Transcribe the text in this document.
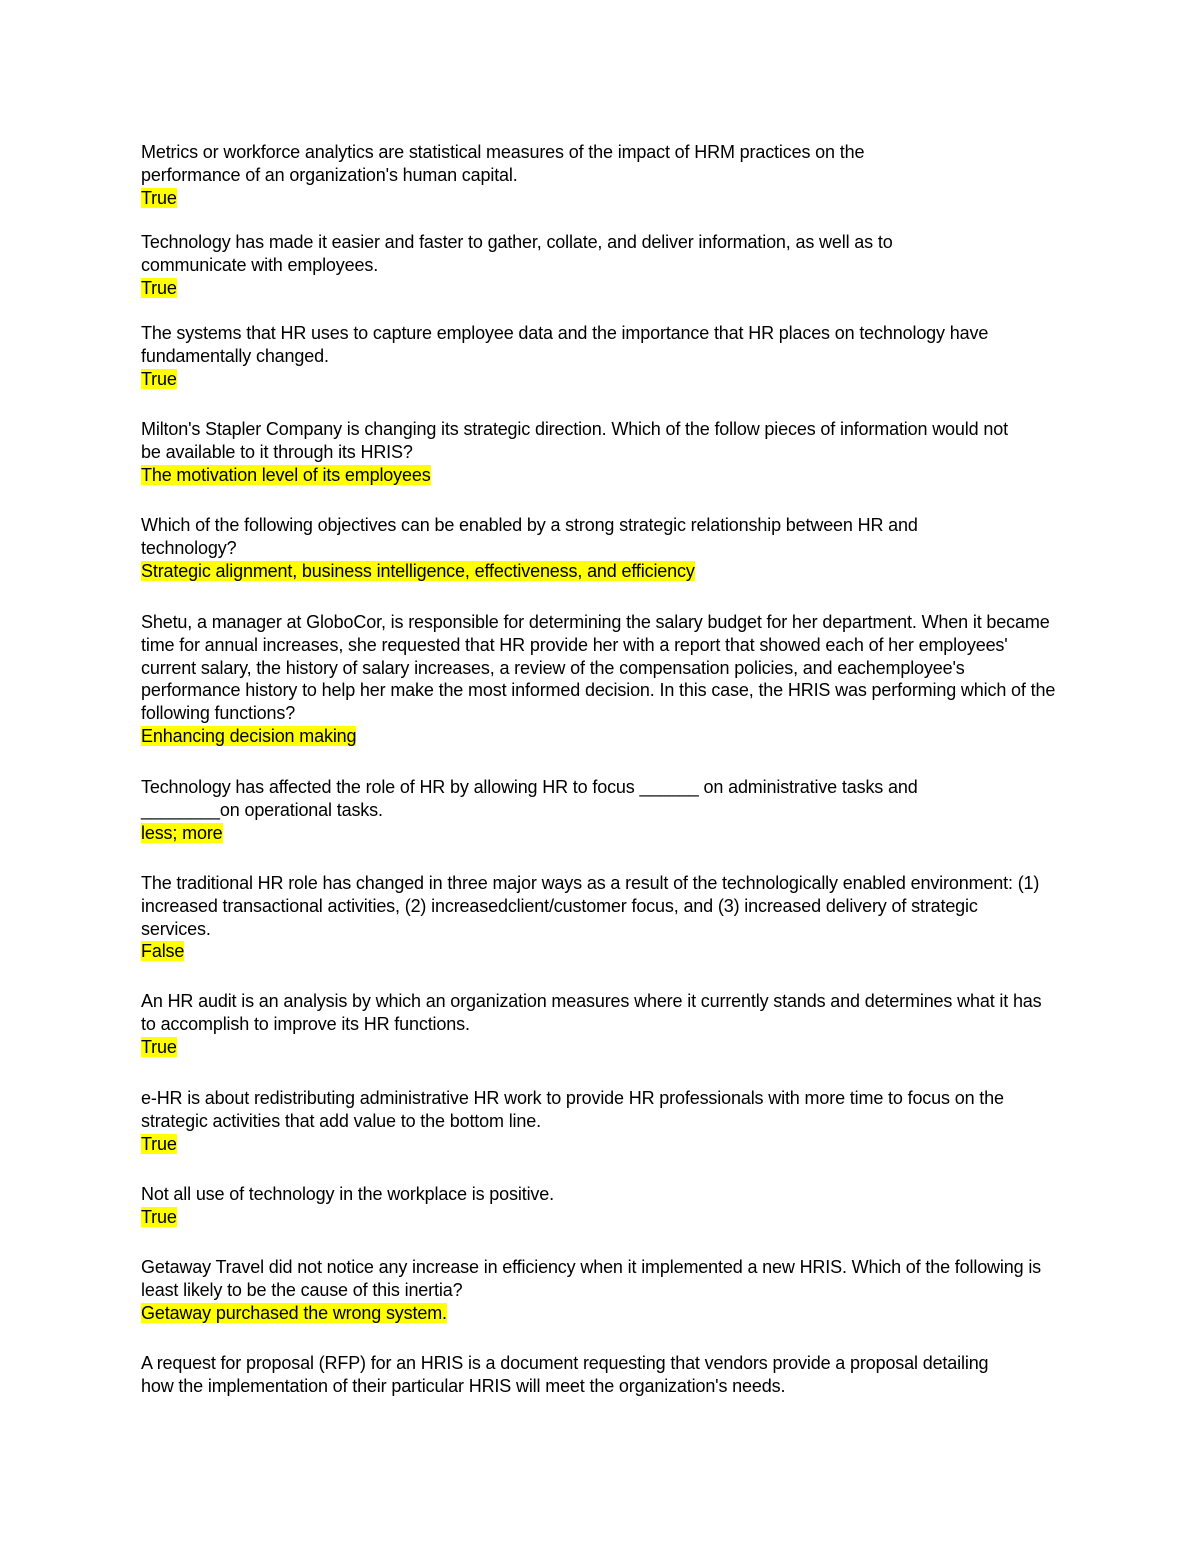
Metrics or workforce analytics are statistical measures of the impact of HRM practices on the performance of an organization's human capital.

True

Technology has made it easier and faster to gather, collate, and deliver information, as well as to communicate with employees.

True

The systems that HR uses to capture employee data and the importance that HR places on technology have fundamentally changed.

True

Milton's Stapler Company is changing its strategic direction. Which of the follow pieces of information would not be available to it through its HRIS?

The motivation level of its employees

Which of the following objectives can be enabled by a strong strategic relationship between HR and technology?

Strategic alignment, business intelligence, effectiveness, and efficiency

Shetu, a manager at GloboCor, is responsible for determining the salary budget for her department. When it became time for annual increases, she requested that HR provide her with a report that showed each of her employees' current salary, the history of salary increases, a review of the compensation policies, and eachemployee's performance history to help her make the most informed decision. In this case, the HRIS was performing which of the following functions?

Enhancing decision making

Technology has affected the role of HR by allowing HR to focus ______ on administrative tasks and ________on operational tasks.

less; more

The traditional HR role has changed in three major ways as a result of the technologically enabled environment: (1) increased transactional activities, (2) increasedclient/customer focus, and (3) increased delivery of strategic services.

False

An HR audit is an analysis by which an organization measures where it currently stands and determines what it has to accomplish to improve its HR functions.

True

e-HR is about redistributing administrative HR work to provide HR professionals with more time to focus on the strategic activities that add value to the bottom line.

True

Not all use of technology in the workplace is positive.

True

Getaway Travel did not notice any increase in efficiency when it implemented a new HRIS. Which of the following is least likely to be the cause of this inertia?

Getaway purchased the wrong system.

A request for proposal (RFP) for an HRIS is a document requesting that vendors provide a proposal detailing how the implementation of their particular HRIS will meet the organization's needs.
